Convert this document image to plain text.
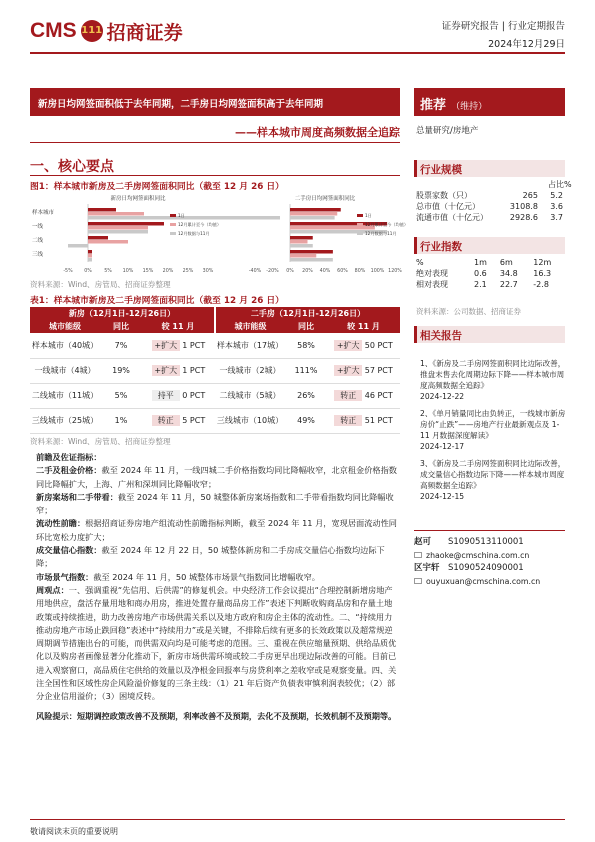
CMS 111 招商证券	证券研究报告 | 行业定期报告
2024年12月29日
新房日均网签面积低于去年同期，二手房日均网签面积高于去年同期
——样本城市周度高频数据全追踪
推荐 （维持）
总量研究/房地产
行业规模
占比%
股票家数（只）	265	5.2
总市值（十亿元）	3108.8	3.6
流通市值（十亿元）	2928.6	3.7
行业指数
%	1m	6m	12m
绝对表现	0.6	34.8	16.3
相对表现	2.1	22.7	-2.8
资料来源：公司数据、招商证券
相关报告
1、《新房及二手房网签面积同比边际改善，推盘末售去化周期边际下降——样本城市周度高频数据全追踪》
2024-12-22
2、《单月销量同比由负转正，一线城市新房房价“止跌”——房地产行业最新观点及 1-11 月数据深度解读》
2024-12-17
3、《新房及二手房网签面积同比边际改善，成交量信心指数边际下降——样本城市周度高频数据全追踪》
2024-12-15
赵可 S1090513110001
zhaoke@cmschina.com.cn
区宇轩 S1090524090001
ouyuxuan@cmschina.com.cn
一、核心要点
图1：样本城市新房及二手房网签面积同比（截至 12 月 26 日）
新房日均网签面积同比
样本城市
一线
二线
三线
-5% 0%	5% 10% 15% 20% 25% 30%
1日
12月累计至今（均值）
12月数据与11月
二手房日均网签面积同比
-40% -20% 0% 20% 40% 60% 80% 100% 120%
1日
12月累计至今（均值）
12月数据与11月
资料来源：Wind、房管局、招商证券整理
表1：样本城市新房及二手房网签面积同比（截至 12 月 26 日）
新房（12月1日-12月26日）			二手房（12月1日-12月26日）		
城市能级	同比	较 11 月	城市能级	同比	较 11 月
样本城市（40城）	7%	+扩大 1 PCT	样本城市（17城）	58%	+扩大 50 PCT
一线城市（4城）	19%	+扩大 1 PCT	一线城市（2城）	111%	+扩大 57 PCT
二线城市（11城）	5%	持平 0 PCT	二线城市（5城）	26%	转正 46 PCT
三线城市（25城）	1%	转正 5 PCT	三线城市（10城）	49%	转正 51 PCT
资料来源：Wind、房管局、招商证券整理
前瞻及佐证指标：
二手及租金价格：截至 2024 年 11 月，一线四城二手价格指数均同比降幅收窄，北京租金价格指数同比降幅扩大，上海、广州和深圳同比降幅收窄；
新房案场和二手带看：截至 2024 年 11 月，50 城整体新房案场指数和二手带看指数均同比降幅收窄；
流动性前瞻：根据招商证券房地产组流动性前瞻指标判断，截至 2024 年 11 月，宽现居面流动性同环比宽松力度扩大；
成交量信心指数：截至 2024 年 12 月 22 日，50 城整体新房和二手房成交量信心指数均边际下降；
市场景气指数：截至 2024 年 11 月，50 城整体市场景气指数同比增幅收窄。
周观点：一、强调重视“先信用、后供需”的修复机会。中央经济工作会议提出“合理控制新增房地产用地供应，盘活存量用地和商办用房，推进处置存量商品房工作”表述下判断收购商品房和存量土地政策或持续推进，助力改善房地产市场供需关系以及地方政府和房企主体的流动性。二、“持续用力推动房地产市场止跌回稳”表述中“持续用力”或是关键，不排除后续有更多的长效政策以及超常规逆周期调节措施出台的可能，而供需双向均是可能考虑的范围。三、重视在供应缩量预期、供给品质优化以及购房者画像显著分化推动下，新房市场供需环境或较二手房更早出现边际改善的可能。目前已进入观察窗口，高品质住宅供给的效量以及净根金回报率与房贷利率之差收窄或是观察变量。四、关注全国性和区域性房企风险溢价修复的三条主线：（1）21 年后资产负债表审慎利润表较优；（2）部分企业信用溢价；（3）困境反转。
风险提示：短期调控政策改善不及预期，利率改善不及预期，去化不及预期，长效机制不及预期等。
敬请阅读末页的重要说明
